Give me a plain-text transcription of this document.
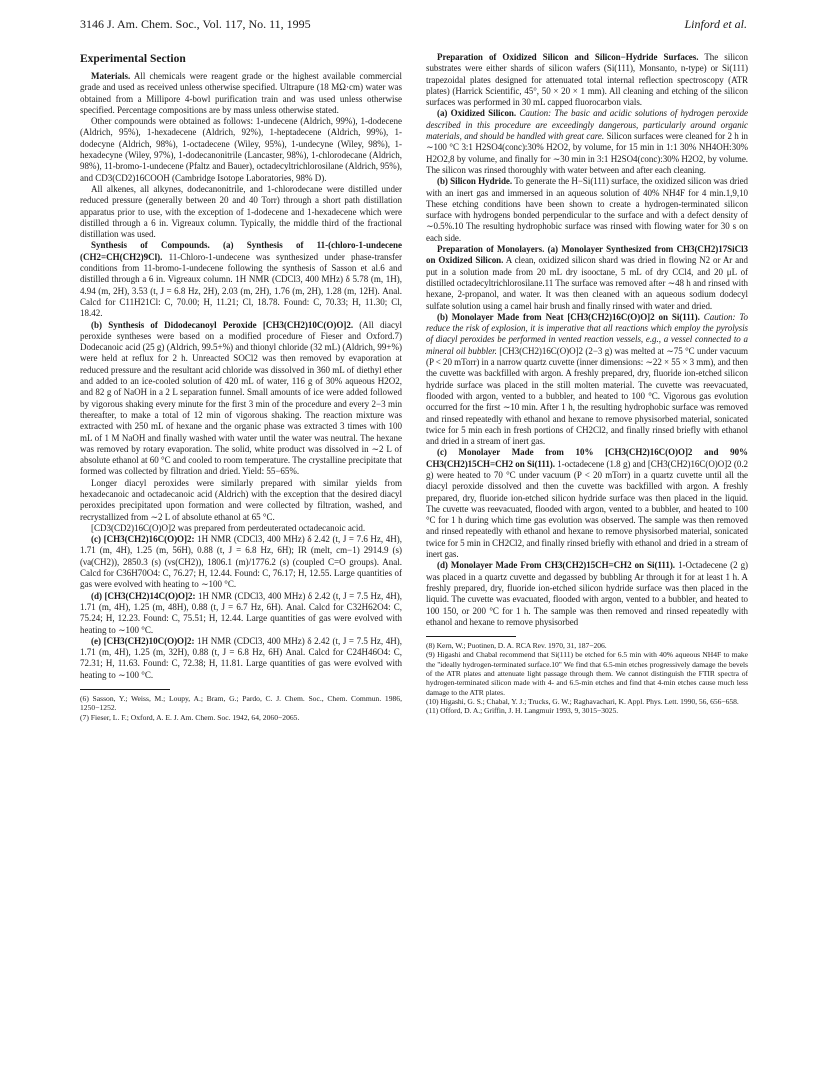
3146 J. Am. Chem. Soc., Vol. 117, No. 11, 1995	Linford et al.
Experimental Section

Materials. All chemicals were reagent grade or the highest available commercial grade and used as received unless otherwise specified. Ultrapure (18 MΩ·cm) water was obtained from a Millipore 4-bowl purification train and was used unless otherwise specified. Percentage compositions are by mass unless otherwise stated.

Other compounds were obtained as follows: 1-undecene (Aldrich, 99%), 1-dodecene (Aldrich, 95%), 1-hexadecene (Aldrich, 92%), 1-heptadecene (Aldrich, 99%), 1-dodecyne (Aldrich, 98%), 1-octadecene (Wiley, 95%), 1-undecyne (Wiley, 98%), 1-hexadecyne (Wiley, 97%), 1-dodecanonitrile (Lancaster, 98%), 1-chlorodecane (Aldrich, 98%), 11-bromo-1-undecene (Pfaltz and Bauer), octadecyltrichlorosilane (Aldrich, 95%), and CD3(CD2)16COOH (Cambridge Isotope Laboratories, 98% D).

All alkenes, all alkynes, dodecanonitrile, and 1-chlorodecane were distilled under reduced pressure (generally between 20 and 40 Torr) through a short path distillation apparatus prior to use, with the exception of 1-dodecene and 1-hexadecene which were distilled through a 6 in. Vigreaux column. Typically, the middle third of the fractional distillation was used.

Synthesis of Compounds. (a) Synthesis of 11-(chloro-1-undecene (CH2=CH(CH2)9Cl). 11-Chloro-1-undecene was synthesized under phase-transfer conditions from 11-bromo-1-undecene following the synthesis of Sasson et al.6 and distilled through a 6 in. Vigreaux column. 1H NMR (CDCl3, 400 MHz) δ 5.78 (m, 1H), 4.94 (m, 2H), 3.53 (t, J = 6.8 Hz, 2H), 2.03 (m, 2H), 1.76 (m, 2H), 1.28 (m, 12H). Anal. Calcd for C11H21Cl: C, 70.00; H, 11.21; Cl, 18.78. Found: C, 70.33; H, 11.30; Cl, 18.42.

(b) Synthesis of Didodecanoyl Peroxide [CH3(CH2)10C(O)O]2. (All diacyl peroxide syntheses were based on a modified procedure of Fieser and Oxford.7) Dodecanoic acid (25 g) (Aldrich, 99.5+%) and thionyl chloride (32 mL) (Aldrich, 99+%) were held at reflux for 2 h. Unreacted SOCl2 was then removed by evaporation at reduced pressure and the resultant acid chloride was dissolved in 360 mL of diethyl ether and added to an ice-cooled solution of 420 mL of water, 116 g of 30% aqueous H2O2, and 82 g of NaOH in a 2 L separation funnel. Small amounts of ice were added followed by vigorous shaking every minute for the first 3 min of the procedure and every 2−3 min thereafter, to make a total of 12 min of vigorous shaking. The reaction mixture was extracted with 250 mL of hexane and the organic phase was extracted 3 times with 100 mL of 1 M NaOH and finally washed with water until the water was neutral. The hexane was removed by rotary evaporation. The solid, white product was dissolved in ∼2 L of absolute ethanol at 60 °C and cooled to room temperature. The crystalline precipitate that formed was collected by filtration and dried. Yield: 55−65%.

Longer diacyl peroxides were similarly prepared with similar yields from hexadecanoic and octadecanoic acid (Aldrich) with the exception that the desired diacyl peroxides precipitated upon formation and were collected by filtration, washed, and recrystallized from ∼2 L of absolute ethanol at 65 °C.

[CD3(CD2)16C(O)O]2 was prepared from perdeuterated octadecanoic acid.

(c) [CH3(CH2)16C(O)O]2: 1H NMR (CDCl3, 400 MHz) δ 2.42 (t, J = 7.6 Hz, 4H), 1.71 (m, 4H), 1.25 (m, 56H), 0.88 (t, J = 6.8 Hz, 6H); IR (melt, cm−1) 2914.9 (s) (νa(CH2)), 2850.3 (s) (νs(CH2)), 1806.1 (m)/1776.2 (s) (coupled C=O groups). Anal. Calcd for C36H70O4: C, 76.27; H, 12.44. Found: C, 76.17; H, 12.55. Large quantities of gas were evolved with heating to ∼100 °C.

(d) [CH3(CH2)14C(O)O]2: 1H NMR (CDCl3, 400 MHz) δ 2.42 (t, J = 7.5 Hz, 4H), 1.71 (m, 4H), 1.25 (m, 48H), 0.88 (t, J = 6.7 Hz, 6H). Anal. Calcd for C32H62O4: C, 75.24; H, 12.23. Found: C, 75.51; H, 12.44. Large quantities of gas were evolved with heating to ∼100 °C.

(e) [CH3(CH2)10C(O)O]2: 1H NMR (CDCl3, 400 MHz) δ 2.42 (t, J = 7.5 Hz, 4H), 1.71 (m, 4H), 1.25 (m, 32H), 0.88 (t, J = 6.8 Hz, 6H) Anal. Calcd for C24H46O4: C, 72.31; H, 11.63. Found: C, 72.38; H, 11.81. Large quantities of gas were evolved with heating to ∼100 °C.

(6) Sasson, Y.; Weiss, M.; Loupy, A.; Bram, G.; Pardo, C. J. Chem. Soc., Chem. Commun. 1986, 1250−1252.

(7) Fieser, L. F.; Oxford, A. E. J. Am. Chem. Soc. 1942, 64, 2060−2065.

Preparation of Oxidized Silicon and Silicon−Hydride Surfaces. The silicon substrates were either shards of silicon wafers (Si(111), Monsanto, n-type) or Si(111) trapezoidal plates designed for attenuated total internal reflection spectroscopy (ATR plates) (Harrick Scientific, 45°, 50 × 20 × 1 mm). All cleaning and etching of the silicon surfaces was performed in 30 mL capped fluorocarbon vials.

(a) Oxidized Silicon. Caution: The basic and acidic solutions of hydrogen peroxide described in this procedure are exceedingly dangerous, particularly around organic materials, and should be handled with great care. Silicon surfaces were cleaned for 2 h in ∼100 °C 3:1 H2SO4(conc):30% H2O2, by volume, for 15 min in 1:1 30% NH4OH:30% H2O2,8 by volume, and finally for ∼30 min in 3:1 H2SO4(conc):30% H2O2, by volume. The silicon was rinsed thoroughly with water between and after each cleaning.

(b) Silicon Hydride. To generate the H−Si(111) surface, the oxidized silicon was dried with an inert gas and immersed in an aqueous solution of 40% NH4F for 4 min.1,9,10 These etching conditions have been shown to create a hydrogen-terminated silicon surface with hydrogens bonded perpendicular to the surface and with a defect density of ∼0.5%.10 The resulting hydrophobic surface was rinsed with flowing water for 30 s on each side.

Preparation of Monolayers. (a) Monolayer Synthesized from CH3(CH2)17SiCl3 on Oxidized Silicon. A clean, oxidized silicon shard was dried in flowing N2 or Ar and put in a solution made from 20 mL dry isooctane, 5 mL of dry CCl4, and 20 μL of distilled octadecyltrichlorosilane.11 The surface was removed after ∼48 h and rinsed with hexane, 2-propanol, and water. It was then cleaned with an aqueous sodium dodecyl sulfate solution using a camel hair brush and finally rinsed with water and dried.

(b) Monolayer Made from Neat [CH3(CH2)16C(O)O]2 on Si(111). Caution: To reduce the risk of explosion, it is imperative that all reactions which employ the pyrolysis of diacyl peroxides be performed in vented reaction vessels, e.g., a vessel connected to a mineral oil bubbler. [CH3(CH2)16C(O)O]2 (2−3 g) was melted at ∼75 °C under vacuum (P < 20 mTorr) in a narrow quartz cuvette (inner dimensions: ∼22 × 55 × 3 mm), and then the cuvette was backfilled with argon. A freshly prepared, dry, fluoride ion-etched silicon hydride surface was placed in the still molten material. The cuvette was reevacuated, flooded with argon, vented to a bubbler, and heated to 100 °C. Vigorous gas evolution occurred for the first ∼10 min. After 1 h, the resulting hydrophobic surface was removed and rinsed repeatedly with ethanol and hexane to remove physisorbed material, sonicated twice for 5 min each in fresh portions of CH2Cl2, and finally rinsed briefly with ethanol and dried in a stream of inert gas.

(c) Monolayer Made from 10% [CH3(CH2)16C(O)O]2 and 90% CH3(CH2)15CH=CH2 on Si(111). 1-octadecene (1.8 g) and [CH3(CH2)16C(O)O]2 (0.2 g) were heated to 70 °C under vacuum (P < 20 mTorr) in a quartz cuvette until all the diacyl peroxide dissolved and then the cuvette was backfilled with argon. A freshly prepared, dry, fluoride ion-etched silicon hydride surface was then placed in the liquid. The cuvette was reevacuated, flooded with argon, vented to a bubbler, and heated to 100 °C for 1 h during which time gas evolution was observed. The sample was then removed and rinsed repeatedly with ethanol and hexane to remove physisorbed material, sonicated twice for 5 min in CH2Cl2, and finally rinsed briefly with ethanol and dried in a stream of inert gas.

(d) Monolayer Made From CH3(CH2)15CH=CH2 on Si(111). 1-Octadecene (2 g) was placed in a quartz cuvette and degassed by bubbling Ar through it for at least 1 h. A freshly prepared, dry, fluoride ion-etched silicon hydride surface was then placed in the liquid. The cuvette was evacuated, flooded with argon, vented to a bubbler, and heated to 100 150, or 200 °C for 1 h. The sample was then removed and rinsed repeatedly with ethanol and hexane to remove physisorbed

(8) Kern, W.; Puotinen, D. A. RCA Rev. 1970, 31, 187−206.

(9) Higashi and Chabal recommend that Si(111) be etched for 6.5 min with 40% aqueous NH4F to make the "ideally hydrogen-terminated surface.10" We find that 6.5-min etches progressively damage the bevels of the ATR plates and attenuate light passage through them. We cannot distinguish the FTIR spectra of hydrogen-terminated silicon made with 4- and 6.5-min etches and find that 4-min etches cause much less damage to the ATR plates.

(10) Higashi, G. S.; Chabal, Y. J.; Trucks, G. W.; Raghavachari, K. Appl. Phys. Lett. 1990, 56, 656−658.

(11) Offord, D. A.; Griffin, J. H. Langmuir 1993, 9, 3015−3025.
